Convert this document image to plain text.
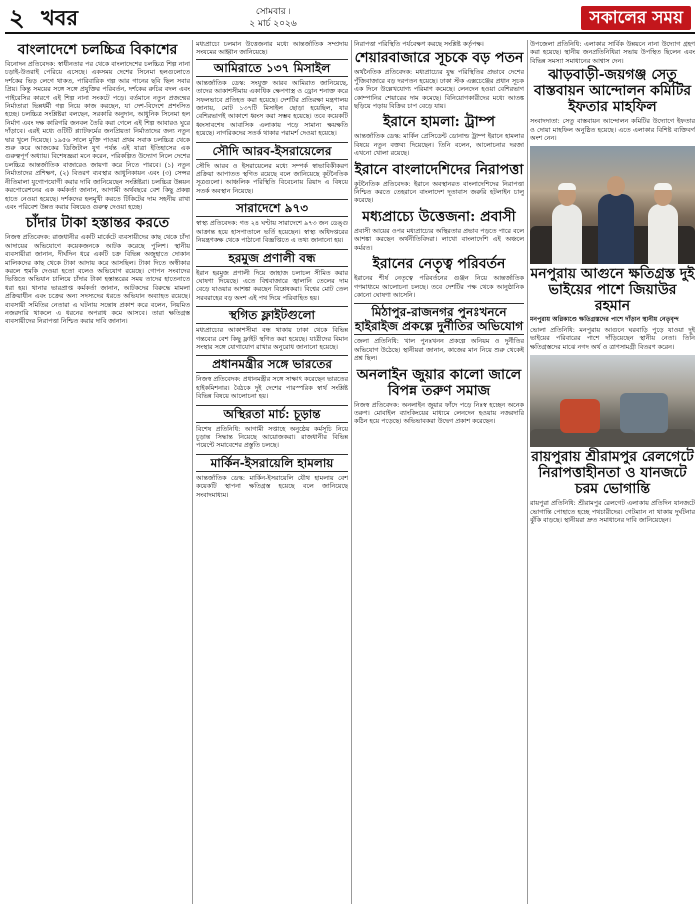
২ খবর	সোমবার ৷
২ মার্চ ২০২৬	সকালের সময়
বাংলাদেশে চলচ্চিত্র বিকাশের

বিনোদন প্রতিবেদক: স্বাধীনতার পর থেকে বাংলাদেশের চলচ্চিত্র শিল্প নানা চড়াই-উতরাই পেরিয়ে এসেছে। একসময় দেশের সিনেমা হলগুলোতে দর্শকের ভিড় লেগে থাকত, পারিবারিক গল্প আর গানের ছবি ছিল সবার প্রিয়। কিন্তু সময়ের সঙ্গে সঙ্গে প্রযুক্তির পরিবর্তন, দর্শকের রুচির বদল এবং পাইরেসির কারণে এই শিল্প নানা সংকটে পড়ে। বর্তমানে নতুন প্রজন্মের নির্মাতারা ভিন্নধর্মী গল্প নিয়ে কাজ করছেন, যা দেশ-বিদেশে প্রশংসিত হচ্ছে। চলচ্চিত্র সংশ্লিষ্টরা বলছেন, সরকারি অনুদান, আধুনিক সিনেমা হল নির্মাণ এবং দক্ষ কারিগরি জনবল তৈরি করা গেলে এই শিল্প আবারও ঘুরে দাঁড়াবে। এরই মধ্যে ওটিটি প্ল্যাটফর্মের জনপ্রিয়তা নির্মাতাদের জন্য নতুন দ্বার খুলে দিয়েছে। ১৯৫৬ সালে মুক্তি পাওয়া প্রথম সবাক চলচ্চিত্র থেকে শুরু করে আজকের ডিজিটাল যুগ পর্যন্ত এই যাত্রা ইতিহাসের এক গুরুত্বপূর্ণ অধ্যায়। বিশেষজ্ঞরা মনে করেন, পরিকল্পিত উদ্যোগ নিলে দেশের চলচ্চিত্র আন্তর্জাতিক বাজারেও জায়গা করে নিতে পারবে। (১) নতুন নির্মাতাদের প্রশিক্ষণ, (২) বিতরণ ব্যবস্থার আধুনিকায়ন এবং (৩) সেন্সর নীতিমালা যুগোপযোগী করার দাবি জানিয়েছেন সংশ্লিষ্টরা। চলচ্চিত্র উন্নয়ন করপোরেশনের এক কর্মকর্তা জানান, আগামী অর্থবছরে বেশ কিছু প্রকল্প হাতে নেওয়া হয়েছে। দর্শকদের হলমুখী করতে টিকিটের দাম সহনীয় রাখা এবং পরিবেশ উন্নত করার বিষয়েও গুরুত্ব দেওয়া হচ্ছে।

চাঁদার টাকা হস্তান্তর করতে

নিজস্ব প্রতিবেদক: রাজধানীর একটি মার্কেটে ব্যবসায়ীদের কাছ থেকে চাঁদা আদায়ের অভিযোগে কয়েকজনকে আটক করেছে পুলিশ। স্থানীয় ব্যবসায়ীরা জানান, দীর্ঘদিন ধরে একটি চক্র বিভিন্ন অজুহাতে দোকান মালিকদের কাছ থেকে টাকা আদায় করে আসছিল। টাকা দিতে অস্বীকার করলে হুমকি দেওয়া হতো বলেও অভিযোগ রয়েছে। গোপন সংবাদের ভিত্তিতে অভিযান চালিয়ে চাঁদার টাকা হস্তান্তরের সময় তাদের হাতেনাতে ধরা হয়। থানার ভারপ্রাপ্ত কর্মকর্তা জানান, আটকদের বিরুদ্ধে মামলা প্রক্রিয়াধীন এবং চক্রের অন্য সদস্যদের ধরতে অভিযান অব্যাহত রয়েছে। ব্যবসায়ী সমিতির নেতারা এ ঘটনায় সন্তোষ প্রকাশ করে বলেন, নিয়মিত নজরদারি থাকলে এ ধরনের অপরাধ কমে আসবে। তারা ক্ষতিগ্রস্ত ব্যবসায়ীদের নিরাপত্তা নিশ্চিত করার দাবি জানান।

মধ্যপ্রাচ্যে চলমান উত্তেজনার মধ্যে আন্তর্জাতিক সম্প্রদায় সংযমের আহ্বান জানিয়েছে।

আমিরাতে ১৩৭ মিসাইল

আন্তর্জাতিক ডেস্ক: সংযুক্ত আরব আমিরাত জানিয়েছে, তাদের আকাশসীমায় একাধিক ক্ষেপণাস্ত্র ও ড্রোন শনাক্ত করে সফলভাবে প্রতিহত করা হয়েছে। দেশটির প্রতিরক্ষা মন্ত্রণালয় জানায়, মোট ১৩৭টি মিসাইল ছোড়া হয়েছিল, যার বেশিরভাগই আকাশে ধ্বংস করা সম্ভব হয়েছে। তবে কয়েকটি ধ্বংসাবশেষ আবাসিক এলাকায় পড়ে সামান্য ক্ষয়ক্ষতি হয়েছে। নাগরিকদের সতর্ক থাকার পরামর্শ দেওয়া হয়েছে।

সৌদি আরব-ইসরায়েলের

সৌদি আরব ও ইসরায়েলের মধ্যে সম্পর্ক স্বাভাবিকীকরণ প্রক্রিয়া আপাতত স্থগিত রয়েছে বলে জানিয়েছে কূটনৈতিক সূত্রগুলো। আঞ্চলিক পরিস্থিতি বিবেচনায় রিয়াদ এ বিষয়ে সতর্ক অবস্থান নিয়েছে।

সারাদেশে ৯৭৩

স্বাস্থ্য প্রতিবেদক: গত ২৪ ঘণ্টায় সারাদেশে ৯৭৩ জন ডেঙ্গু আক্রান্ত হয়ে হাসপাতালে ভর্তি হয়েছেন। স্বাস্থ্য অধিদপ্তরের নিয়ন্ত্রণকক্ষ থেকে পাঠানো বিজ্ঞপ্তিতে এ তথ্য জানানো হয়।

হরমুজ প্রণালী বন্ধ

ইরান হরমুজ প্রণালী দিয়ে জাহাজ চলাচল সীমিত করার ঘোষণা দিয়েছে। এতে বিশ্ববাজারে জ্বালানি তেলের দাম বেড়ে যাওয়ার আশঙ্কা করছেন বিশ্লেষকরা। বিশ্বের মোট তেল সরবরাহের বড় অংশ এই পথ দিয়ে পরিবাহিত হয়।

স্থগিত ফ্লাইটগুলো

মধ্যপ্রাচ্যের আকাশসীমা বন্ধ থাকায় ঢাকা থেকে বিভিন্ন গন্তব্যের বেশ কিছু ফ্লাইট স্থগিত করা হয়েছে। যাত্রীদের বিমান সংস্থার সঙ্গে যোগাযোগ রাখার অনুরোধ জানানো হয়েছে।

প্রধানমন্ত্রীর সঙ্গে ভারতের

নিজস্ব প্রতিবেদক: প্রধানমন্ত্রীর সঙ্গে সাক্ষাৎ করেছেন ভারতের হাইকমিশনার। বৈঠকে দুই দেশের পারস্পরিক স্বার্থ সংশ্লিষ্ট বিভিন্ন বিষয়ে আলোচনা হয়।

অস্থিরতা মার্চ: চূড়ান্ত

বিশেষ প্রতিনিধি: আগামী সপ্তাহে অনুষ্ঠেয় কর্মসূচি নিয়ে চূড়ান্ত সিদ্ধান্ত নিয়েছে আয়োজকরা। রাজধানীর বিভিন্ন পয়েন্টে সমাবেশের প্রস্তুতি চলছে।

মার্কিন-ইসরায়েলি হামলায়

আন্তর্জাতিক ডেস্ক: মার্কিন-ইসরায়েলি যৌথ হামলায় বেশ কয়েকটি স্থাপনা ক্ষতিগ্রস্ত হয়েছে বলে জানিয়েছে সংবাদমাধ্যম।

নিরাপত্তা পরিস্থিতি পর্যবেক্ষণ করছে সংশ্লিষ্ট কর্তৃপক্ষ।

শেয়ারবাজারে সূচকে বড় পতন

অর্থনৈতিক প্রতিবেদক: মধ্যপ্রাচ্যের যুদ্ধ পরিস্থিতির প্রভাবে দেশের পুঁজিবাজারে বড় দরপতন হয়েছে। ঢাকা স্টক এক্সচেঞ্জের প্রধান সূচক এক দিনে উল্লেখযোগ্য পরিমাণ কমেছে। লেনদেন হওয়া বেশিরভাগ কোম্পানির শেয়ারের দাম কমেছে। বিনিয়োগকারীদের মধ্যে আতঙ্ক ছড়িয়ে পড়ায় বিক্রির চাপ বেড়ে যায়।

ইরানে হামলা: ট্রাম্প

আন্তর্জাতিক ডেস্ক: মার্কিন প্রেসিডেন্ট ডোনাল্ড ট্রাম্প ইরানে হামলার বিষয়ে নতুন বক্তব্য দিয়েছেন। তিনি বলেন, আলোচনার দরজা এখনো খোলা রয়েছে।

ইরানে বাংলাদেশিদের নিরাপত্তা

কূটনৈতিক প্রতিবেদক: ইরানে অবস্থানরত বাংলাদেশিদের নিরাপত্তা নিশ্চিত করতে তেহরানে বাংলাদেশ দূতাবাস জরুরি হটলাইন চালু করেছে।

মধ্যপ্রাচ্যে উত্তেজনা: প্রবাসী

প্রবাসী আয়ের ওপর মধ্যপ্রাচ্যের অস্থিরতার প্রভাব পড়তে পারে বলে আশঙ্কা করছেন অর্থনীতিবিদরা। লাখো বাংলাদেশি এই অঞ্চলে কর্মরত।

ইরানের নেতৃত্ব পরিবর্তন

ইরানের শীর্ষ নেতৃত্বে পরিবর্তনের গুঞ্জন নিয়ে আন্তর্জাতিক গণমাধ্যমে আলোচনা চলছে। তবে দেশটির পক্ষ থেকে আনুষ্ঠানিক কোনো ঘোষণা আসেনি।

মিঠাপুর-রাজনগর পুনঃখননে হাইরাইজ প্রকল্পে দুর্নীতির অভিযোগ

জেলা প্রতিনিধি: খাল পুনঃখনন প্রকল্পে অনিয়ম ও দুর্নীতির অভিযোগ উঠেছে। স্থানীয়রা জানান, কাজের মান নিয়ে শুরু থেকেই প্রশ্ন ছিল।

অনলাইন জুয়ার কালো জালে বিপন্ন তরুণ সমাজ

নিজস্ব প্রতিবেদক: অনলাইন জুয়ার ফাঁদে পড়ে নিঃস্ব হচ্ছেন অনেক তরুণ। মোবাইল ব্যাংকিংয়ের মাধ্যমে লেনদেন হওয়ায় নজরদারি কঠিন হয়ে পড়েছে। অভিভাবকরা উদ্বেগ প্রকাশ করেছেন।

উপজেলা প্রতিনিধি: এলাকার সার্বিক উন্নয়নে নানা উদ্যোগ গ্রহণ করা হয়েছে। স্থানীয় জনপ্রতিনিধিরা সভায় উপস্থিত ছিলেন এবং বিভিন্ন সমস্যা সমাধানের আশ্বাস দেন।

ঝাড়বাড়ী-জয়গঞ্জ সেতু বাস্তবায়ন আন্দোলন কমিটির ইফতার মাহফিল

সংবাদদাতা: সেতু বাস্তবায়ন আন্দোলন কমিটির উদ্যোগে ইফতার ও দোয়া মাহফিল অনুষ্ঠিত হয়েছে। এতে এলাকার বিশিষ্ট ব্যক্তিবর্গ অংশ নেন।

মনপুরায় আগুনে ক্ষতিগ্রস্ত দুই ভাইয়ের পাশে জিয়াউর রহমান
মনপুরায় অগ্নিকাণ্ডে ক্ষতিগ্রস্তদের পাশে দাঁড়ান স্থানীয় নেতৃবৃন্দ

ভোলা প্রতিনিধি: মনপুরায় আগুনে ঘরবাড়ি পুড়ে যাওয়া দুই ভাইয়ের পরিবারের পাশে দাঁড়িয়েছেন স্থানীয় নেতা। তিনি ক্ষতিগ্রস্তদের মাঝে নগদ অর্থ ও ত্রাণসামগ্রী বিতরণ করেন।

রায়পুরায় শ্রীরামপুর রেলগেটে নিরাপত্তাহীনতা ও যানজটে চরম ভোগান্তি

রায়পুরা প্রতিনিধি: শ্রীরামপুর রেলগেট এলাকায় প্রতিদিন যানজটে ভোগান্তি পোহাতে হচ্ছে পথচারীদের। গেটম্যান না থাকায় দুর্ঘটনার ঝুঁকি বাড়ছে। স্থানীয়রা দ্রুত সমাধানের দাবি জানিয়েছেন।
